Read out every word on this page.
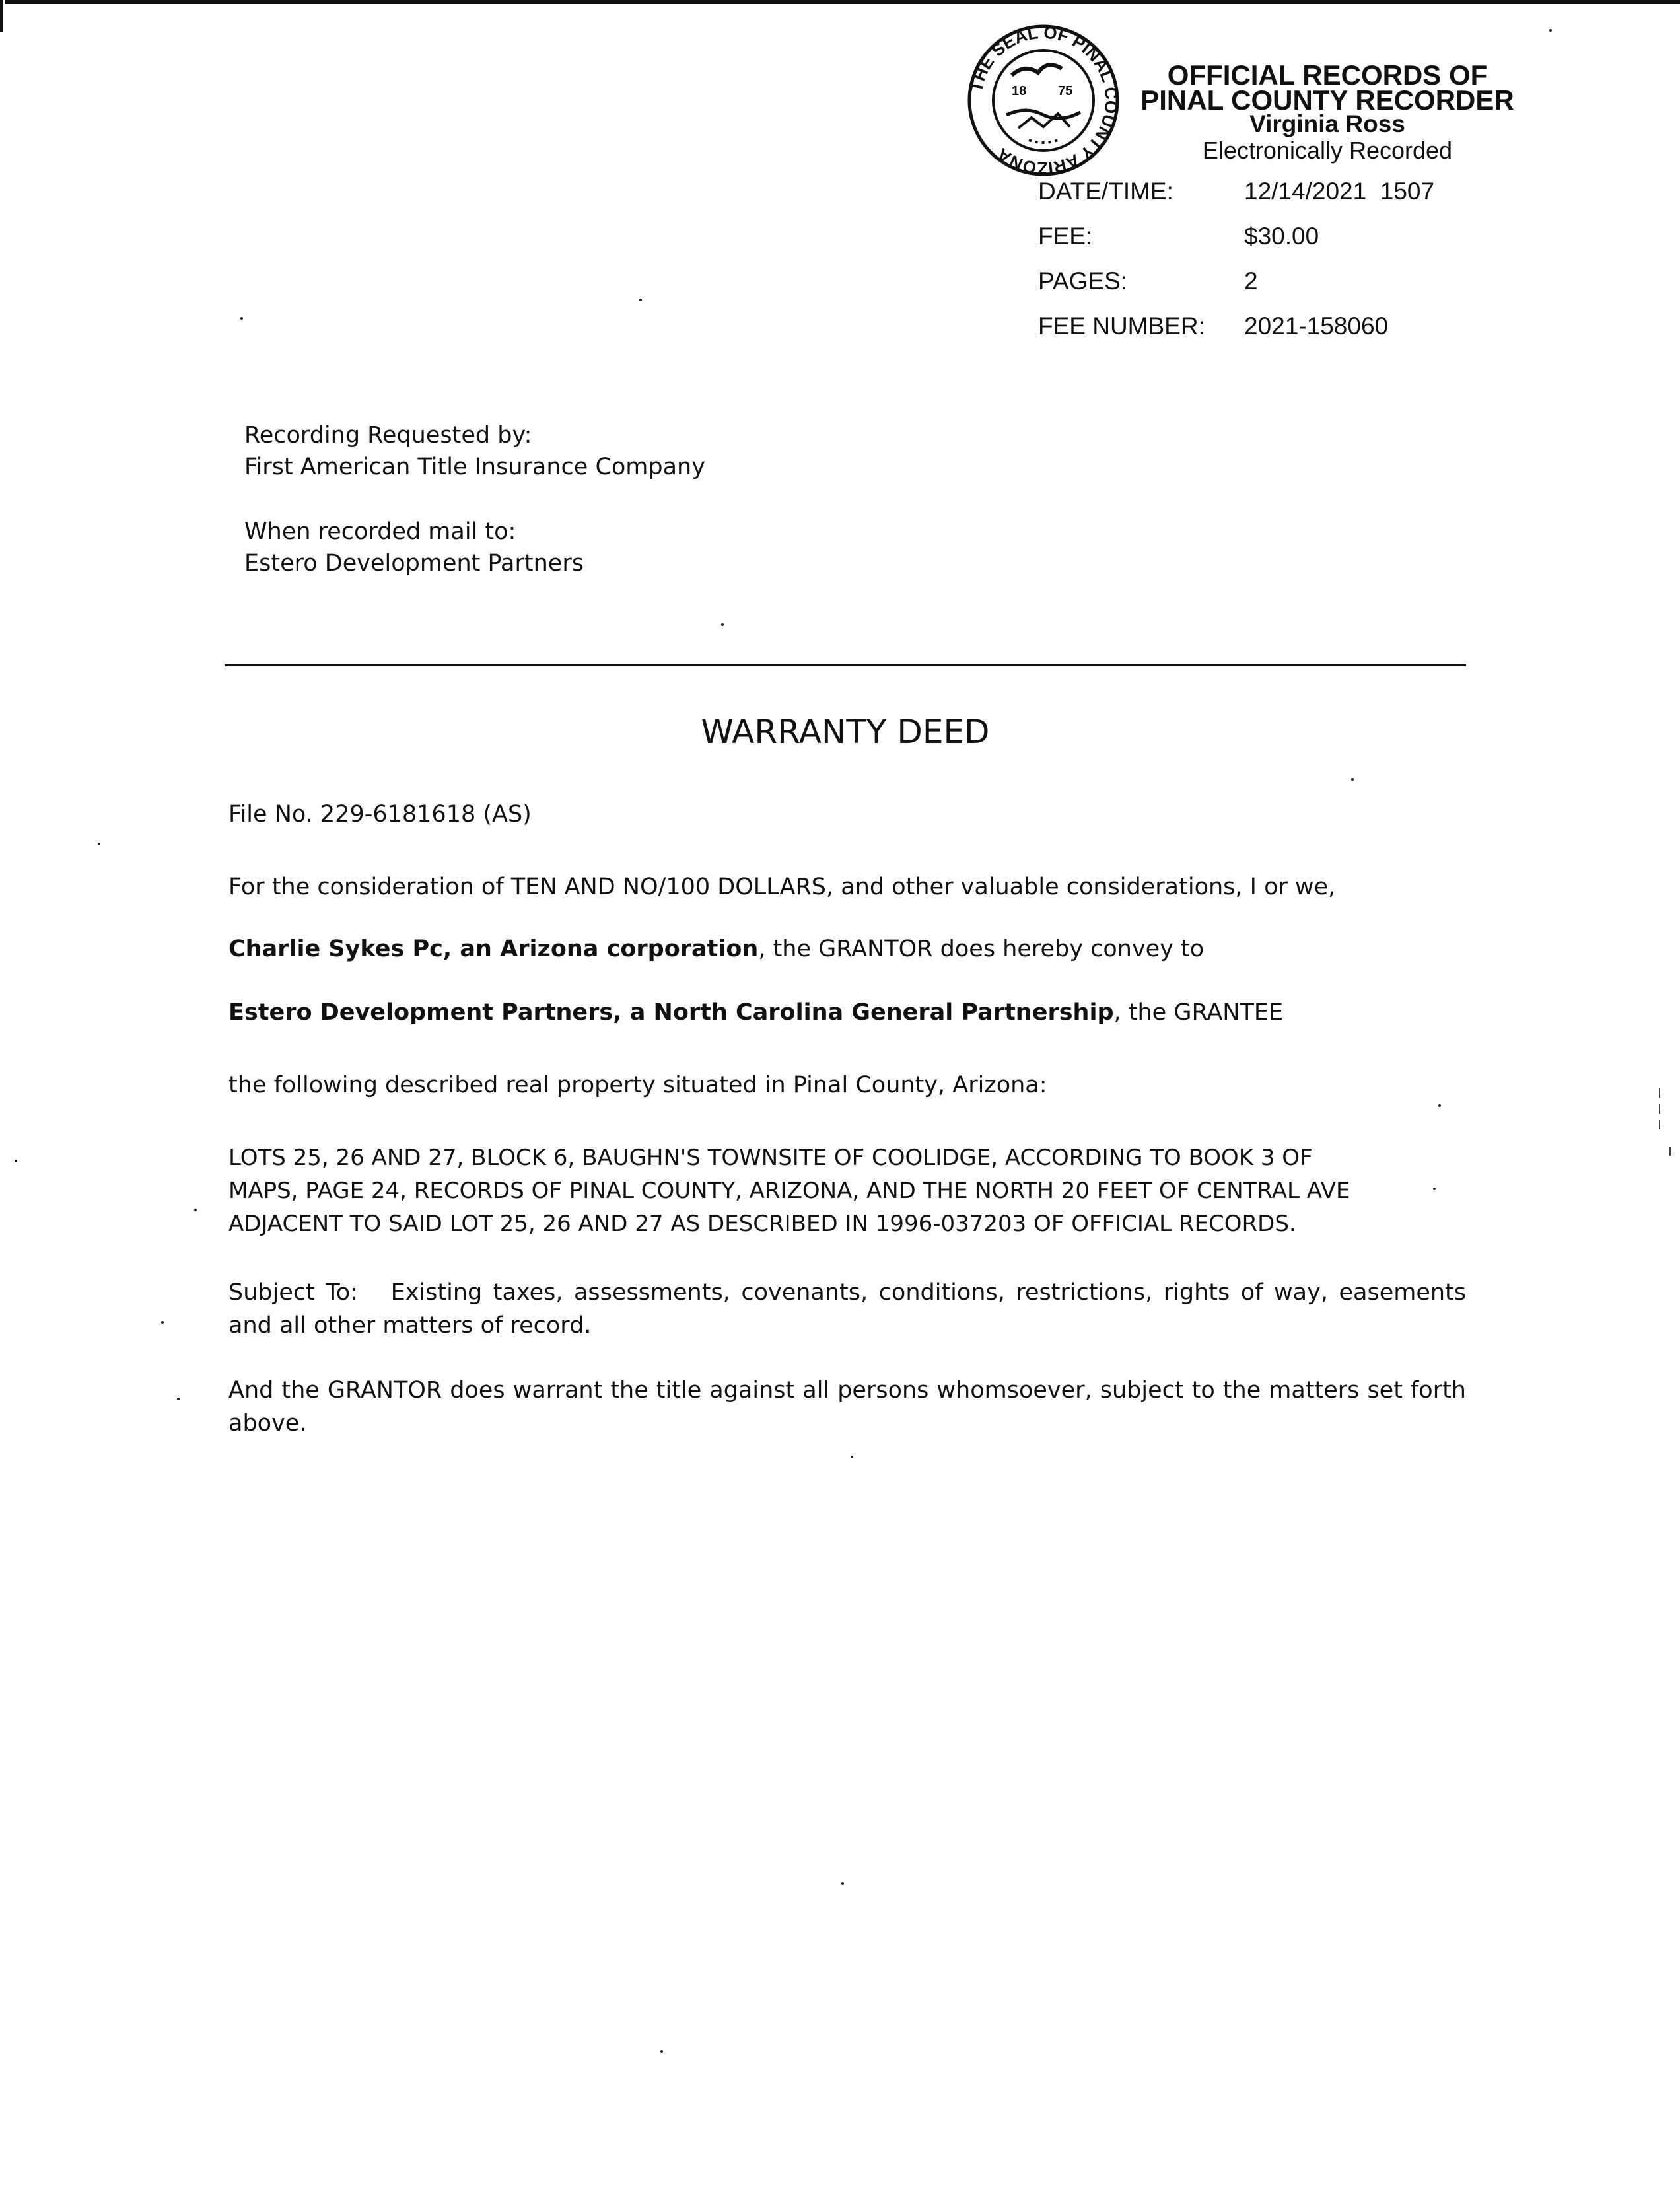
THE SEAL OF PINAL COUNTY ARIZONA
18 75
OFFICIAL RECORDS OF
PINAL COUNTY RECORDER
Virginia Ross
Electronically Recorded
DATE/TIME:	12/14/2021  1507
FEE:	$30.00
PAGES:	2
FEE NUMBER: 2021-158060
Recording Requested by:
First American Title Insurance Company
When recorded mail to:
Estero Development Partners
WARRANTY DEED
File No. 229-6181618 (AS)
For the consideration of TEN AND NO/100 DOLLARS, and other valuable considerations, I or we,
Charlie Sykes Pc, an Arizona corporation, the GRANTOR does hereby convey to
Estero Development Partners, a North Carolina General Partnership, the GRANTEE
the following described real property situated in Pinal County, Arizona:
LOTS 25, 26 AND 27, BLOCK 6, BAUGHN'S TOWNSITE OF COOLIDGE, ACCORDING TO BOOK 3 OF
MAPS, PAGE 24, RECORDS OF PINAL COUNTY, ARIZONA, AND THE NORTH 20 FEET OF CENTRAL AVE
ADJACENT TO SAID LOT 25, 26 AND 27 AS DESCRIBED IN 1996-037203 OF OFFICIAL RECORDS.
Subject To:   Existing taxes, assessments, covenants, conditions, restrictions, rights of way, easements and all other matters of record.
And the GRANTOR does warrant the title against all persons whomsoever, subject to the matters set forth above.
